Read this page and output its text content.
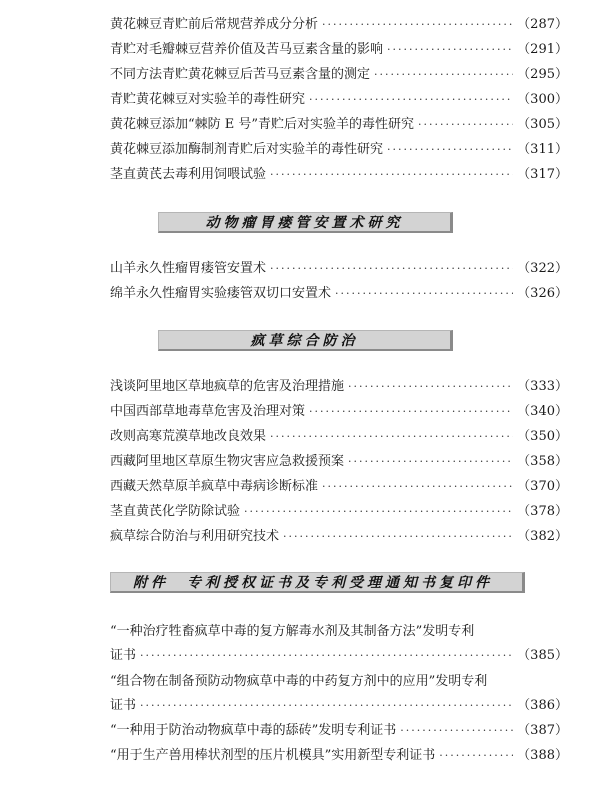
黄花棘豆青贮前后常规营养成分分析 ·····	（287）
青贮对毛瓣棘豆营养价值及苦马豆素含量的影响 ·····	（291）
不同方法青贮黄花棘豆后苦马豆素含量的测定 ·····	（295）
青贮黄花棘豆对实验羊的毒性研究 ·····	（300）
黄花棘豆添加“棘防 E 号”青贮后对实验羊的毒性研究 ·····	（305）
黄花棘豆添加酶制剂青贮后对实验羊的毒性研究 ·····	（311）
茎直黄芪去毒利用饲喂试验 ·····	（317）
动物瘤胃瘘管安置术研究
山羊永久性瘤胃瘘管安置术 ·····	（322）
绵羊永久性瘤胃实验瘘管双切口安置术 ·····	（326）
疯草综合防治
浅谈阿里地区草地疯草的危害及治理措施 ·····	（333）
中国西部草地毒草危害及治理对策 ·····	（340）
改则高寒荒漠草地改良效果 ·····	（350）
西藏阿里地区草原生物灾害应急救援预案 ·····	（358）
西藏天然草原羊疯草中毒病诊断标准 ·····	（370）
茎直黄芪化学防除试验 ·····	（378）
疯草综合防治与利用研究技术 ·····	（382）
附件　专利授权证书及专利受理通知书复印件
“一种治疗牲畜疯草中毒的复方解毒水剂及其制备方法”发明专利
证书 ·····	（385）
“组合物在制备预防动物疯草中毒的中药复方剂中的应用”发明专利
证书 ·····	（386）
“一种用于防治动物疯草中毒的舔砖”发明专利证书 ·····	（387）
“用于生产兽用棒状剂型的压片机模具”实用新型专利证书 ·····	（388）
